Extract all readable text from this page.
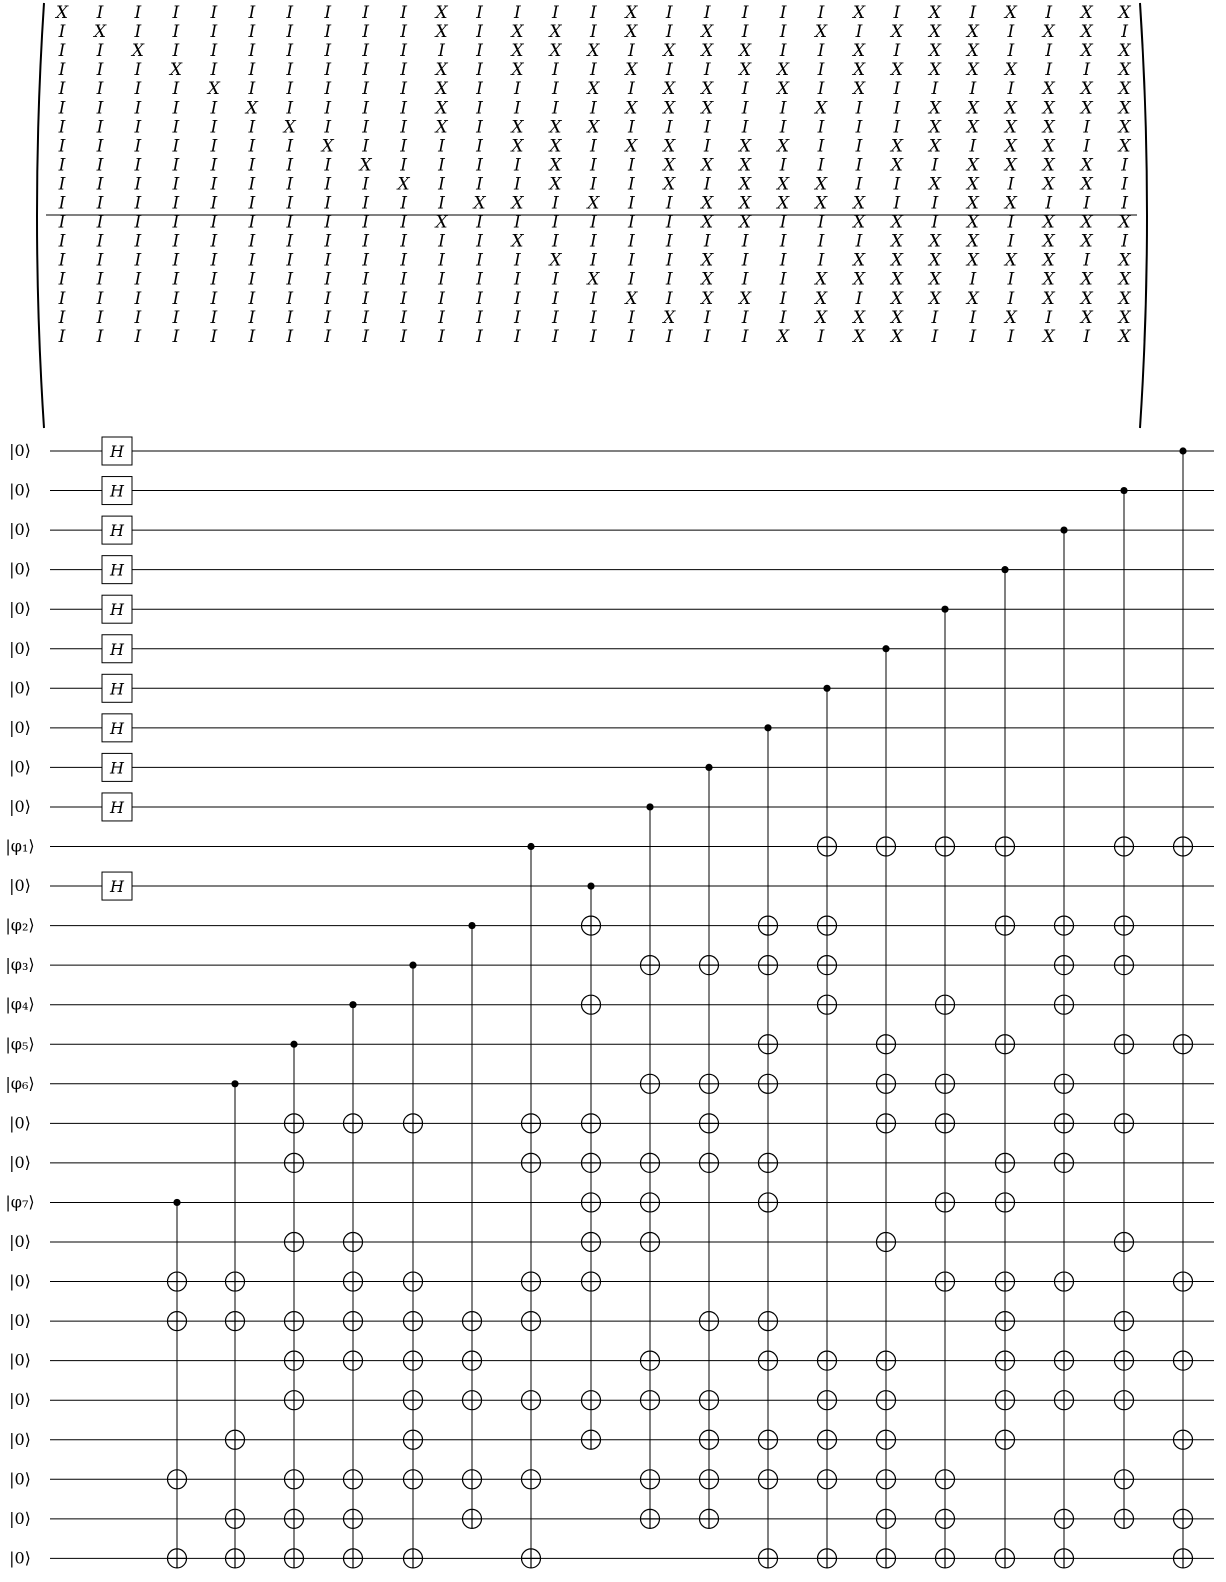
X I I I I I I I I I X I I I I X I I I I I X I X I X I X X
I X I I I I I I I I X I X X I X I X I I X I X X X I X X I
I I X I I I I I I I I I X X X I X X X I I X I X X I I X X
I I I X I I I I I I X I X I I X I I X X I X X X X X I I X
I I I I X I I I I I X I I I X I X X I X I X I I I I X X X
I I I I I X I I I I X I I I I X X X I I X I I X X X X X X
I I I I I I X I I I X I X X X I I I I I I I I X X X X I X
I I I I I I I X I I I I X X I X X I X X I I X X I X X I X
I I I I I I I I X I I I I X I I X X X I I I X I X X X X I
I I I I I I I I I X I I I X I I X I X X X I I X X I X X I
I I I I I I I I I I I X X I X I I X X X X X I I X X I I I
I I I I I I I I I I X I I I I I I X X I I X X I X I X X X
I I I I I I I I I I I I X I I I I I I I I I X X X I X X I
I I I I I I I I I I I I I X I I I X I I I X X X X X X I X
I I I I I I I I I I I I I I X I I X I I X X X X I I X X X
I I I I I I I I I I I I I I I X I X X I X I X X X I X X X
I I I I I I I I I I I I I I I I X I I I X X X I I X I X X
I I I I I I I I I I I I I I I I I I I X I X X I I I X I X
|0⟩	H
|0⟩	H
|0⟩	H
|0⟩	H
|0⟩	H
|0⟩	H
|0⟩	H
|0⟩	H
|0⟩	H
|0⟩	H
|φ₁⟩
|0⟩	H
|φ₂⟩
|φ₃⟩
|φ₄⟩
|φ₅⟩
|φ₆⟩
|0⟩
|0⟩
|φ₇⟩
|0⟩
|0⟩
|0⟩
|0⟩
|0⟩
|0⟩
|0⟩
|0⟩
|0⟩
